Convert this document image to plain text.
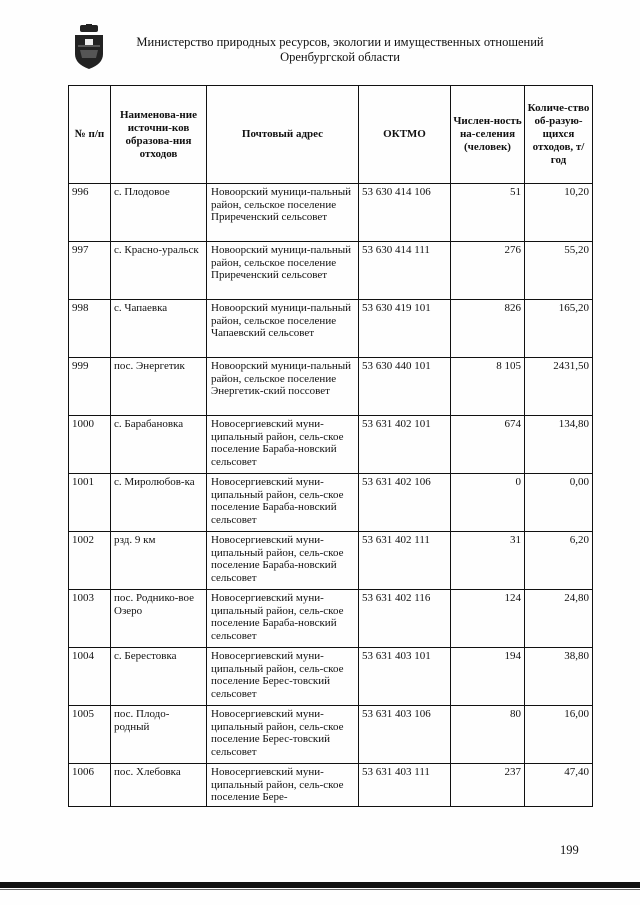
Министерство природных ресурсов, экологии и имущественных отношений
Оренбургской области
№ п/п	Наименова-ние источни-ков образова-ния отходов	Почтовый адрес	ОКТМО	Числен-ность на-селения (человек)	Количе-ство об-разую-щихся отходов, т/год
996	с. Плодовое	Новоорский муници-пальный район, сельское поселение Приреченский сельсовет	53 630 414 106	51	10,20
997	с. Красно-уральск	Новоорский муници-пальный район, сельское поселение Приреченский сельсовет	53 630 414 111	276	55,20
998	с. Чапаевка	Новоорский муници-пальный район, сельское поселение Чапаевский сельсовет	53 630 419 101	826	165,20
999	пос. Энергетик	Новоорский муници-пальный район, сельское поселение Энергетик-ский поссовет	53 630 440 101	8 105	2431,50
1000	с. Барабановка	Новосергиевский муни-ципальный район, сель-ское поселение Бараба-новский сельсовет	53 631 402 101	674	134,80
1001	с. Миролюбов-ка	Новосергиевский муни-ципальный район, сель-ское поселение Бараба-новский сельсовет	53 631 402 106	0	0,00
1002	рзд. 9 км	Новосергиевский муни-ципальный район, сель-ское поселение Бараба-новский сельсовет	53 631 402 111	31	6,20
1003	пос. Роднико-вое Озеро	Новосергиевский муни-ципальный район, сель-ское поселение Бараба-новский сельсовет	53 631 402 116	124	24,80
1004	с. Берестовка	Новосергиевский муни-ципальный район, сель-ское поселение Берес-товский сельсовет	53 631 403 101	194	38,80
1005	пос. Плодо-родный	Новосергиевский муни-ципальный район, сель-ское поселение Берес-товский сельсовет	53 631 403 106	80	16,00
1006	пос. Хлебовка	Новосергиевский муни-ципальный район, сель-ское поселение Бере-	53 631 403 111	237	47,40
199
